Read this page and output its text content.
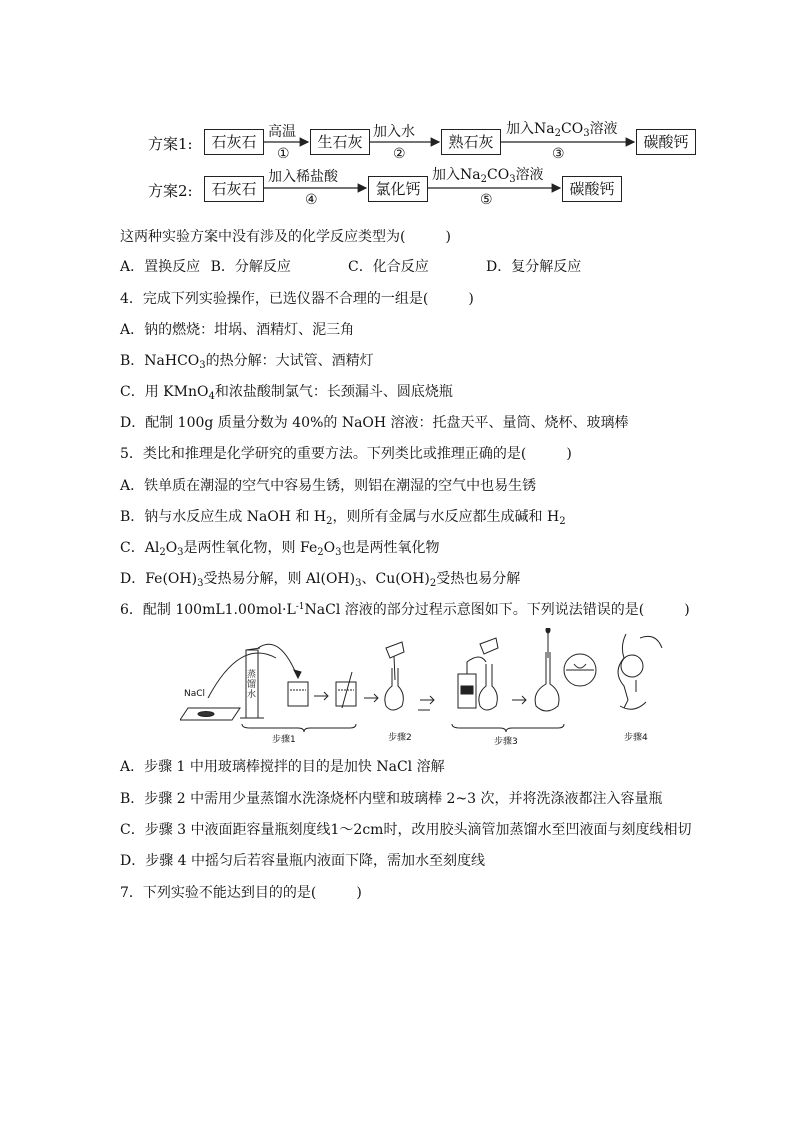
方案1:	石灰石	生石灰	熟石灰	碳酸钙
高温	加入水	加入$Na_2CO_3$溶液
①	②	③
方案2:	石灰石	氯化钙	碳酸钙
加入稀盐酸	加入$Na_2CO_3$溶液
④	⑤
这两种实验方案中没有涉及的化学反应类型为(	)
A．置换反应 B．分解反应	C．化合反应	D．复分解反应
4．完成下列实验操作，已选仪器不合理的一组是(	)
A．钠的燃烧：坩埚、酒精灯、泥三角
B．NaHCO$_3$的热分解：大试管、酒精灯
C．用 KMnO$_4$和浓盐酸制氯气：长颈漏斗、圆底烧瓶
D．配制 100g 质量分数为 40%的 NaOH 溶液：托盘天平、量筒、烧杯、玻璃棒
5．类比和推理是化学研究的重要方法。下列类比或推理正确的是(	)
A．铁单质在潮湿的空气中容易生锈，则铝在潮湿的空气中也易生锈
B．钠与水反应生成 NaOH 和 $H_2$，则所有金属与水反应都生成碱和 $H_2$
C．$Al_2O_3$是两性氧化物，则 $Fe_2O_3$也是两性氧化物
D．$Fe(OH)_3$受热易分解，则 $Al(OH)_3$、$Cu(OH)_2$受热也易分解
6．配制 $100mL1.00mol\cdot L^{-1}NaCl$ 溶液的部分过程示意图如下。下列说法错误的是(	)
NaCl
蒸馏水
步骤1	步骤2	步骤3	步骤4
A．步骤 1 中用玻璃棒搅拌的目的是加快 NaCl 溶解
B．步骤 2 中需用少量蒸馏水洗涤烧杯内壁和玻璃棒 2~3 次，并将洗涤液都注入容量瓶
C．步骤 3 中液面距容量瓶刻度线1～2cm时，改用胶头滴管加蒸馏水至凹液面与刻度线相切
D．步骤 4 中摇匀后若容量瓶内液面下降，需加水至刻度线
7．下列实验不能达到目的的是(	)
